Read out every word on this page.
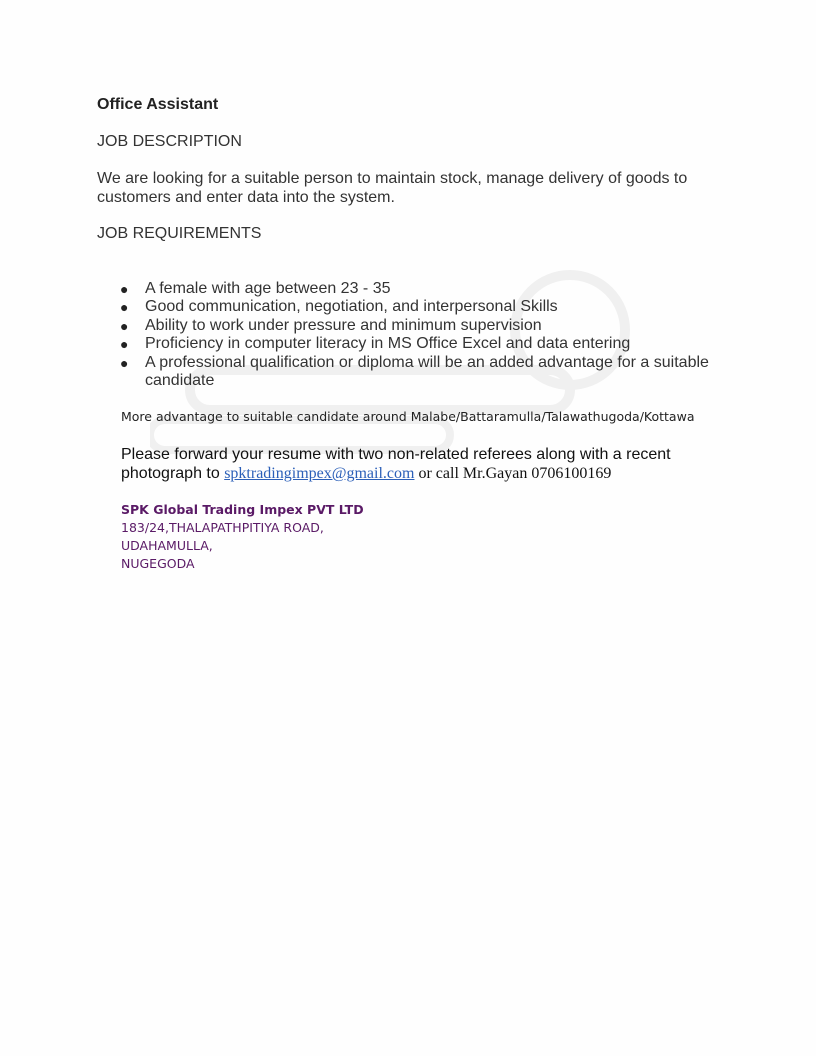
Office Assistant
JOB DESCRIPTION
We are looking for a suitable person to maintain stock, manage delivery of goods to customers and enter data into the system.
JOB REQUIREMENTS
● A female with age between 23 - 35
● Good communication, negotiation, and interpersonal Skills
● Ability to work under pressure and minimum supervision
● Proficiency in computer literacy in MS Office Excel and data entering
● A professional qualification or diploma will be an added advantage for a suitable candidate
More advantage to suitable candidate around Malabe/Battaramulla/Talawathugoda/Kottawa
Please forward your resume with two non-related referees along with a recent photograph to spktradingimpex@gmail.com or call Mr.Gayan 0706100169
SPK Global Trading Impex PVT LTD
183/24,THALAPATHPITIYA ROAD,
UDAHAMULLA,
NUGEGODA
